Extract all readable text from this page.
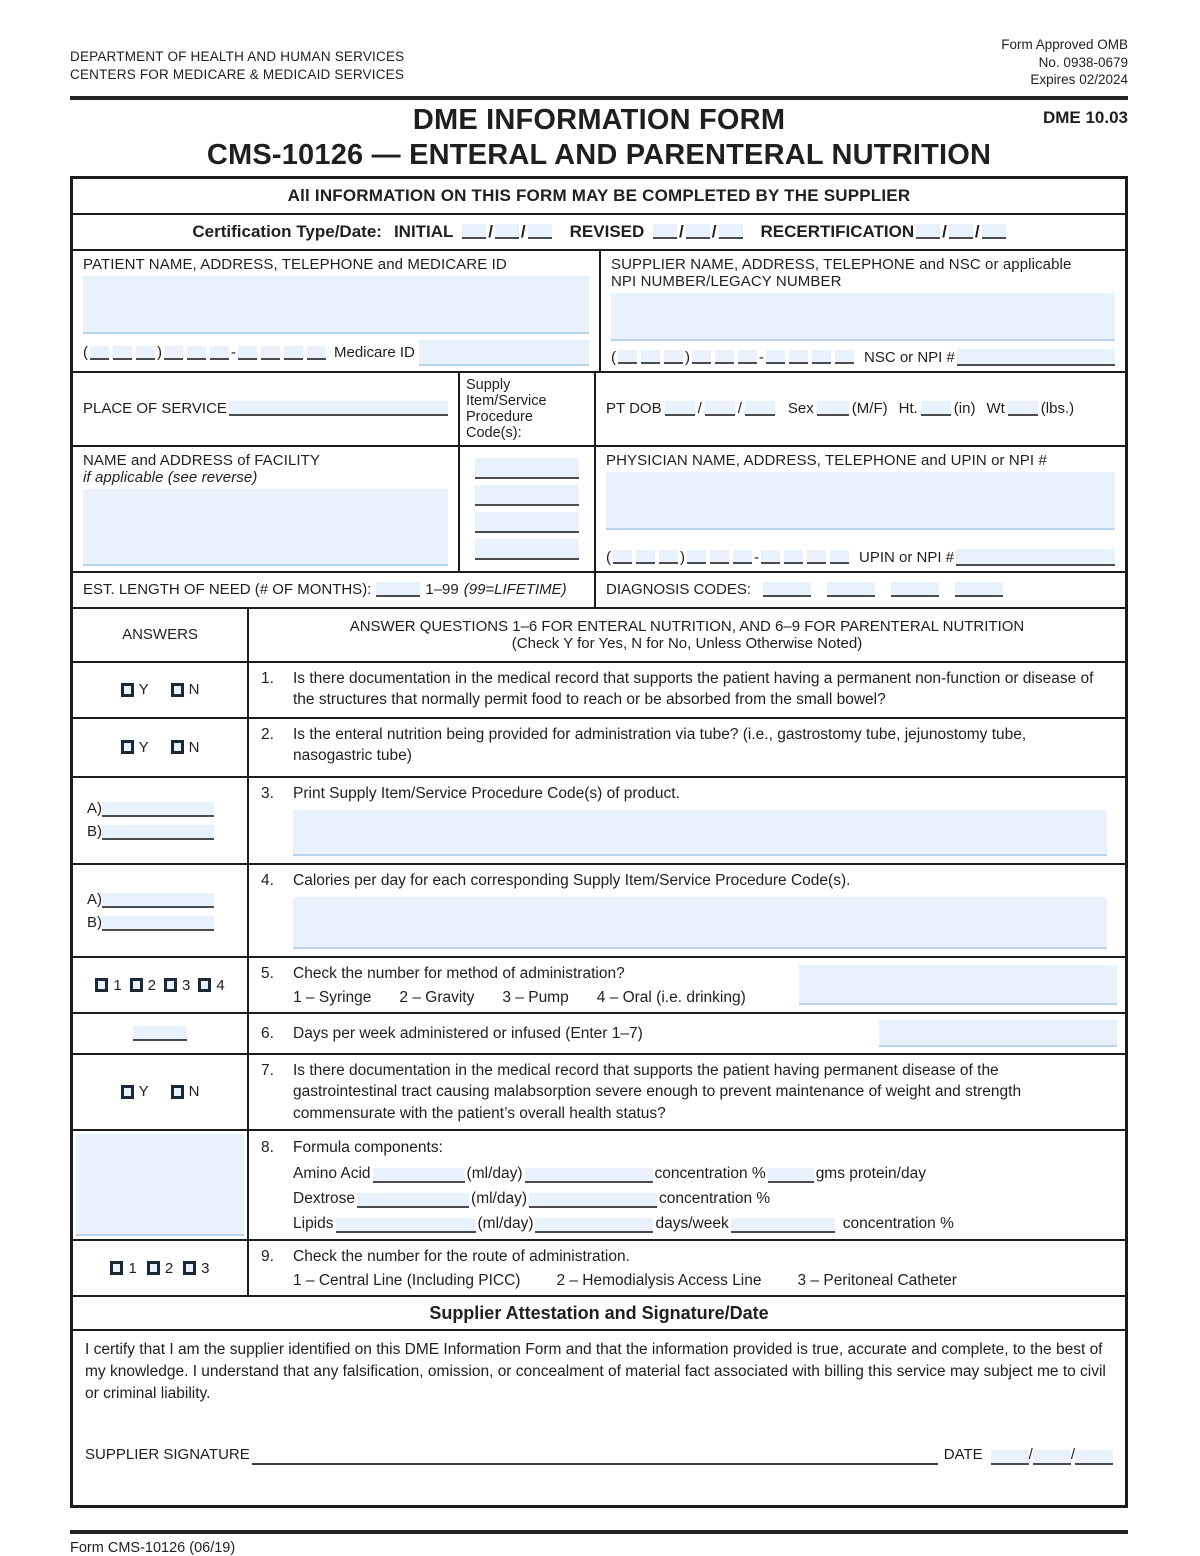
DEPARTMENT OF HEALTH AND HUMAN SERVICES
CENTERS FOR MEDICARE & MEDICAID SERVICES
Form Approved OMB
No. 0938-0679
Expires 02/2024
DME INFORMATION FORM	DME 10.03
CMS-10126 — ENTERAL AND PARENTERAL NUTRITION
All INFORMATION ON THIS FORM MAY BE COMPLETED BY THE SUPPLIER
Certification Type/Date: INITIAL
/ /	REVISED
/ /	RECERTIFICATION / /
PATIENT NAME, ADDRESS, TELEPHONE and MEDICARE ID
(	)	-	Medicare ID
SUPPLIER NAME, ADDRESS, TELEPHONE and NSC or applicable NPI NUMBER/LEGACY NUMBER
(	)	-	NSC or NPI #
PLACE OF SERVICE
Supply Item/Service Procedure Code(s):
PT DOB / /	Sex	(M/F) Ht. (in) Wt (lbs.)
NAME and ADDRESS of FACILITY
if applicable (see reverse)
PHYSICIAN NAME, ADDRESS, TELEPHONE and UPIN or NPI #
(	)	-	UPIN or NPI #
EST. LENGTH OF NEED (# OF MONTHS):	1–99 (99=LIFETIME)	DIAGNOSIS CODES:
ANSWERS	ANSWER QUESTIONS 1–6 FOR ENTERAL NUTRITION, AND 6–9 FOR PARENTERAL NUTRITION
(Check Y for Yes, N for No, Unless Otherwise Noted)
Y	N
1.	Is there documentation in the medical record that supports the patient having a permanent non-function or disease of the structures that normally permit food to reach or be absorbed from the small bowel?
Y	N
2.	Is the enteral nutrition being provided for administration via tube? (i.e., gastrostomy tube, jejunostomy tube, nasogastric tube)
A)
B)
3.	Print Supply Item/Service Procedure Code(s) of product.
A)
B)
4.	Calories per day for each corresponding Supply Item/Service Procedure Code(s).
1 2 3 4
5.	Check the number for method of administration?
1 – Syringe 2 – Gravity 3 – Pump 4 – Oral (i.e. drinking)
6.	Days per week administered or infused (Enter 1–7)
Y	N
7.	Is there documentation in the medical record that supports the patient having permanent disease of the gastrointestinal tract causing malabsorption severe enough to prevent maintenance of weight and strength commensurate with the patient’s overall health status?
8.	Formula components:
Amino Acid	(ml/day)	concentration %	gms protein/day
Dextrose	(ml/day)	concentration %
Lipids	(ml/day)	days/week	concentration %
1 2 3
9.	Check the number for the route of administration.
1 – Central Line (Including PICC) 2 – Hemodialysis Access Line 3 – Peritoneal Catheter
Supplier Attestation and Signature/Date
I certify that I am the supplier identified on this DME Information Form and that the information provided is true, accurate and complete, to the best of my knowledge. I understand that any falsification, omission, or concealment of material fact associated with billing this service may subject me to civil or criminal liability.
SUPPLIER SIGNATURE	DATE	/	/
Form CMS-10126 (06/19)
